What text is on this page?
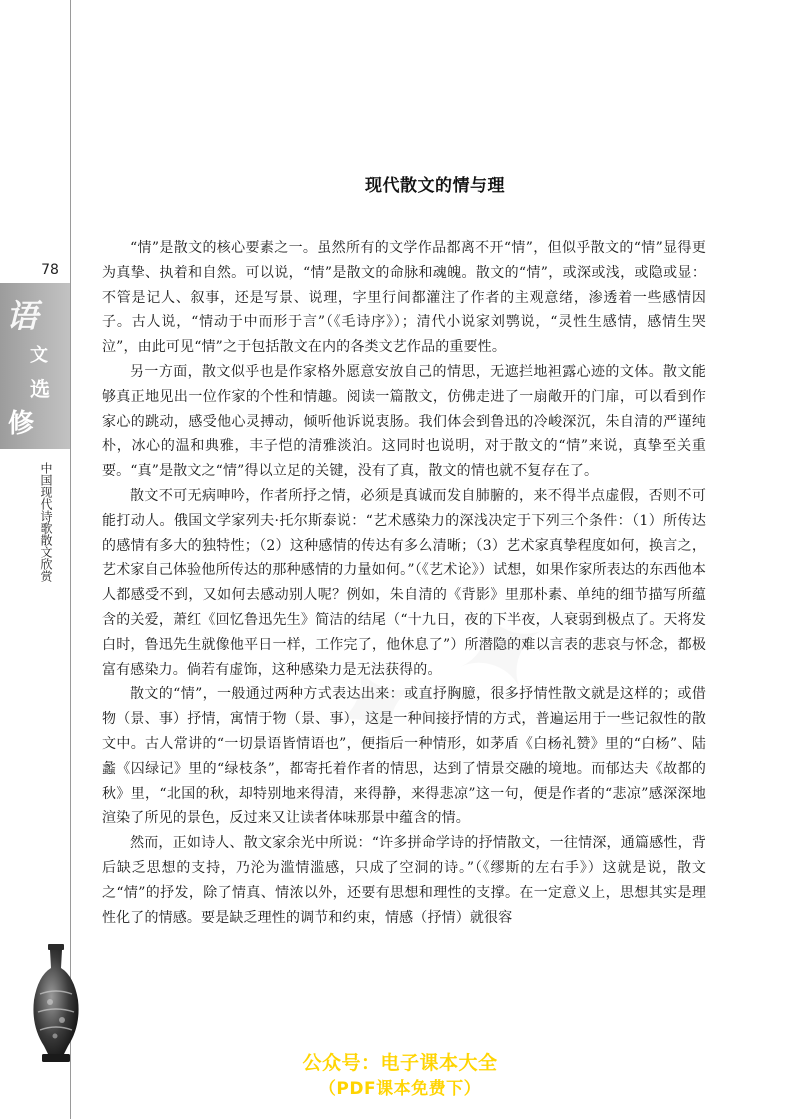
78
语
文
选
修
中国现代诗歌散文欣赏
现代散文的情与理

“情”是散文的核心要素之一。虽然所有的文学作品都离不开“情”，但似乎散文的“情”显得更为真挚、执着和自然。可以说，“情”是散文的命脉和魂魄。散文的“情”，或深或浅，或隐或显：不管是记人、叙事，还是写景、说理，字里行间都灌注了作者的主观意绪，渗透着一些感情因子。古人说，“情动于中而形于言”（《毛诗序》）；清代小说家刘鹗说，“灵性生感情，感情生哭泣”，由此可见“情”之于包括散文在内的各类文艺作品的重要性。

另一方面，散文似乎也是作家格外愿意安放自己的情思，无遮拦地袒露心迹的文体。散文能够真正地见出一位作家的个性和情趣。阅读一篇散文，仿佛走进了一扇敞开的门扉，可以看到作家心的跳动，感受他心灵搏动，倾听他诉说衷肠。我们体会到鲁迅的冷峻深沉，朱自清的严谨纯朴，冰心的温和典雅，丰子恺的清雅淡泊。这同时也说明，对于散文的“情”来说，真挚至关重要。“真”是散文之“情”得以立足的关键，没有了真，散文的情也就不复存在了。

散文不可无病呻吟，作者所抒之情，必须是真诚而发自肺腑的，来不得半点虚假，否则不可能打动人。俄国文学家列夫·托尔斯泰说：“艺术感染力的深浅决定于下列三个条件：（1）所传达的感情有多大的独特性；（2）这种感情的传达有多么清晰；（3）艺术家真挚程度如何，换言之，艺术家自己体验他所传达的那种感情的力量如何。”（《艺术论》）试想，如果作家所表达的东西他本人都感受不到，又如何去感动别人呢？例如，朱自清的《背影》里那朴素、单纯的细节描写所蕴含的关爱，萧红《回忆鲁迅先生》简洁的结尾（“十九日，夜的下半夜，人衰弱到极点了。天将发白时，鲁迅先生就像他平日一样，工作完了，他休息了”）所潜隐的难以言表的悲哀与怀念，都极富有感染力。倘若有虚饰，这种感染力是无法获得的。

散文的“情”，一般通过两种方式表达出来：或直抒胸臆，很多抒情性散文就是这样的；或借物（景、事）抒情，寓情于物（景、事），这是一种间接抒情的方式，普遍运用于一些记叙性的散文中。古人常讲的“一切景语皆情语也”，便指后一种情形，如茅盾《白杨礼赞》里的“白杨”、陆蠡《囚绿记》里的“绿枝条”，都寄托着作者的情思，达到了情景交融的境地。而郁达夫《故都的秋》里，“北国的秋，却特别地来得清，来得静，来得悲凉”这一句，便是作者的“悲凉”感深深地渲染了所见的景色，反过来又让读者体味那景中蕴含的情。

然而，正如诗人、散文家余光中所说：“许多拼命学诗的抒情散文，一往情深，通篇感性，背后缺乏思想的支持，乃沦为滥情滥感，只成了空洞的诗。”（《缪斯的左右手》）这就是说，散文之“情”的抒发，除了情真、情浓以外，还要有思想和理性的支撑。在一定意义上，思想其实是理性化了的情感。要是缺乏理性的调节和约束，情感（抒情）就很容

公众号：电子课本大全
（PDF课本免费下）
